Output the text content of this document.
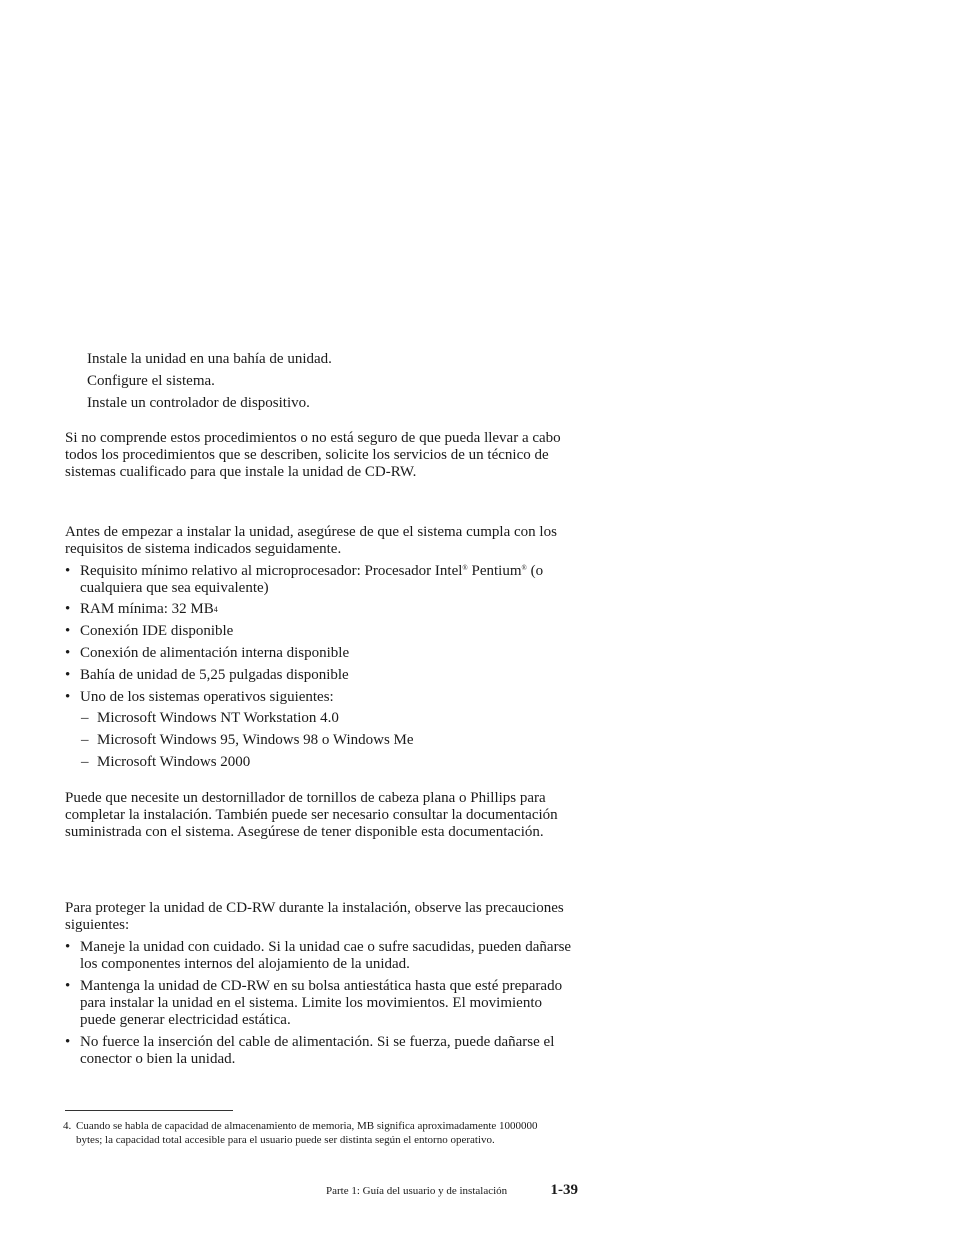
Instale la unidad en una bahía de unidad.
Configure el sistema.
Instale un controlador de dispositivo.
Si no comprende estos procedimientos o no está seguro de que pueda llevar a cabo todos los procedimientos que se describen, solicite los servicios de un técnico de sistemas cualificado para que instale la unidad de CD-RW.
Antes de empezar a instalar la unidad, asegúrese de que el sistema cumpla con los requisitos de sistema indicados seguidamente.
• Requisito mínimo relativo al microprocesador: Procesador Intel® Pentium® (o cualquiera que sea equivalente)
• RAM mínima: 32 MB$^4$
• Conexión IDE disponible
• Conexión de alimentación interna disponible
• Bahía de unidad de 5,25 pulgadas disponible
• Uno de los sistemas operativos siguientes:
– Microsoft Windows NT Workstation 4.0
– Microsoft Windows 95, Windows 98 o Windows Me
– Microsoft Windows 2000
Puede que necesite un destornillador de tornillos de cabeza plana o Phillips para completar la instalación. También puede ser necesario consultar la documentación suministrada con el sistema. Asegúrese de tener disponible esta documentación.
Para proteger la unidad de CD-RW durante la instalación, observe las precauciones siguientes:
• Maneje la unidad con cuidado. Si la unidad cae o sufre sacudidas, pueden dañarse los componentes internos del alojamiento de la unidad.
• Mantenga la unidad de CD-RW en su bolsa antiestática hasta que esté preparado para instalar la unidad en el sistema. Limite los movimientos. El movimiento puede generar electricidad estática.
• No fuerce la inserción del cable de alimentación. Si se fuerza, puede dañarse el conector o bien la unidad.
4. Cuando se habla de capacidad de almacenamiento de memoria, MB significa aproximadamente 1000000 bytes; la capacidad total accesible para el usuario puede ser distinta según el entorno operativo.
Parte 1: Guía del usuario y de instalación	1-39
